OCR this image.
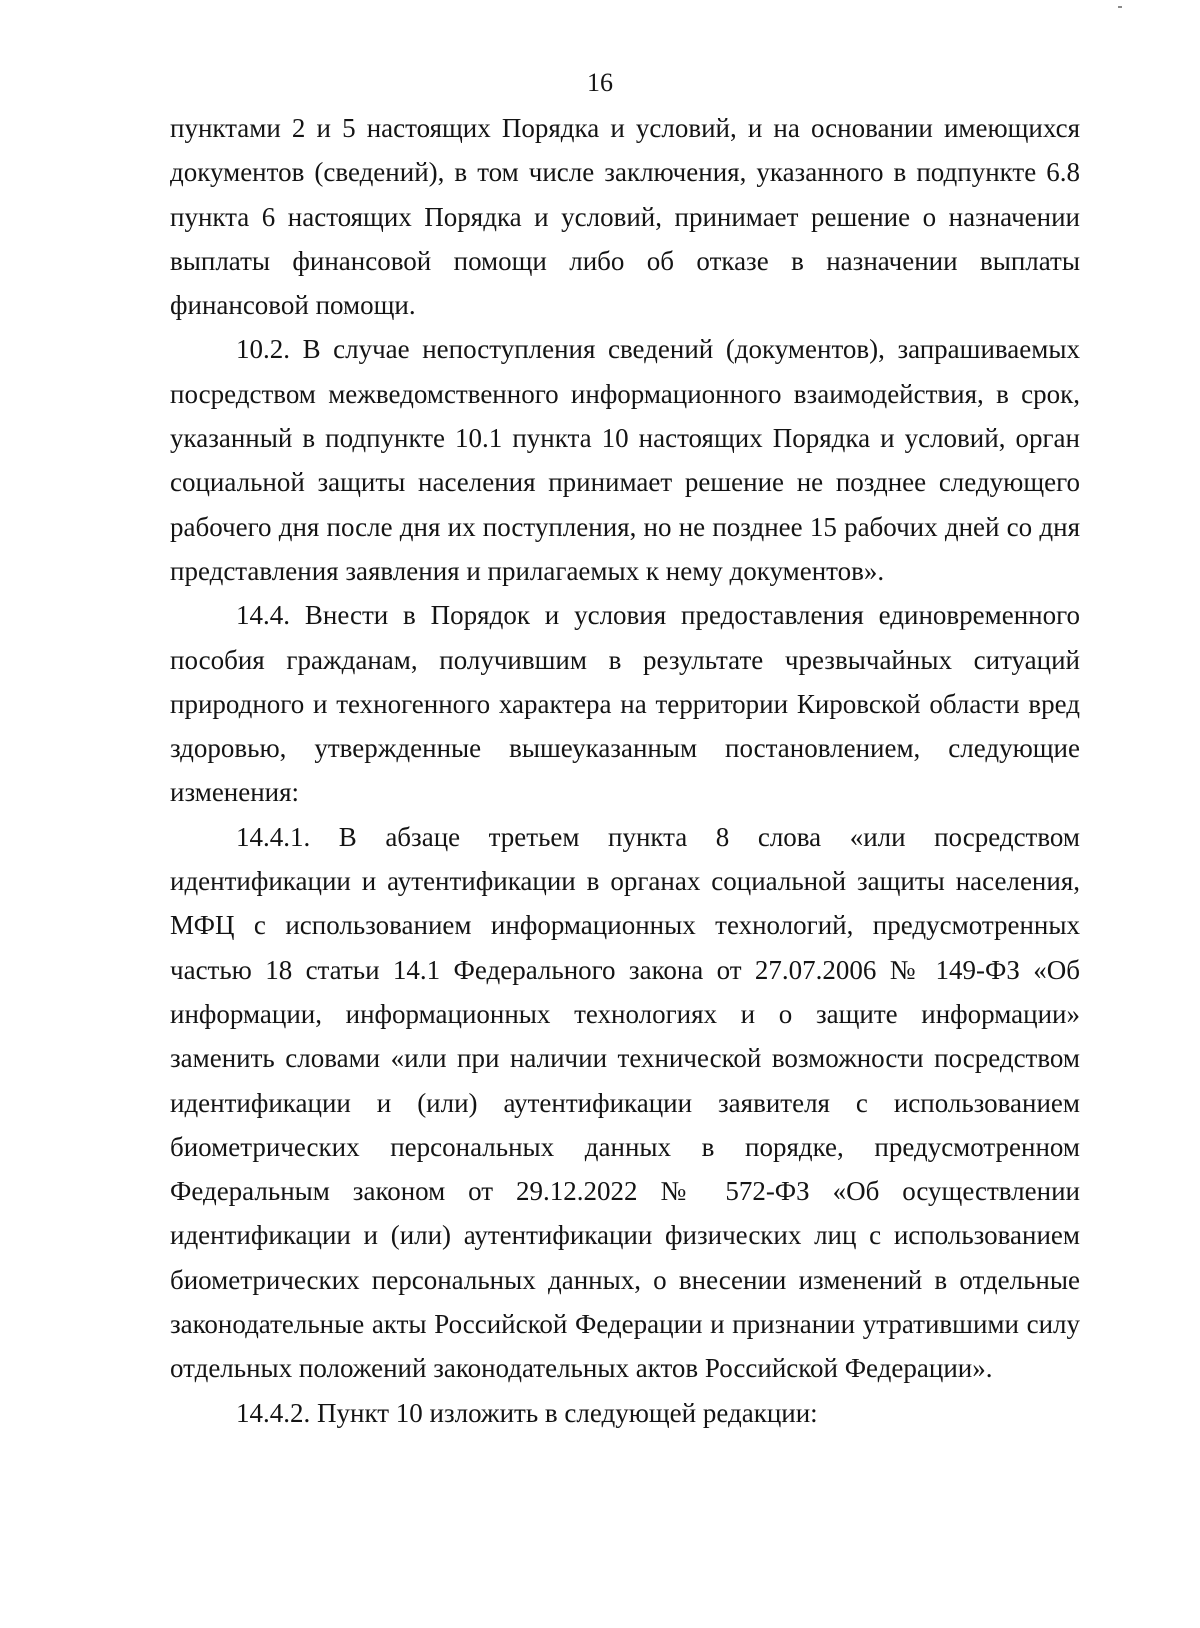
16

пунктами 2 и 5 настоящих Порядка и условий, и на основании имеющихся документов (сведений), в том числе заключения, указанного в подпункте 6.8 пункта 6 настоящих Порядка и условий, принимает решение о назначении выплаты финансовой помощи либо об отказе в назначении выплаты финансовой помощи.

10.2. В случае непоступления сведений (документов), запрашиваемых посредством межведомственного информационного взаимодействия, в срок, указанный в подпункте 10.1 пункта 10 настоящих Порядка и условий, орган социальной защиты населения принимает решение не позднее следующего рабочего дня после дня их поступления, но не позднее 15 рабочих дней со дня представления заявления и прилагаемых к нему документов».

14.4. Внести в Порядок и условия предоставления единовременного пособия гражданам, получившим в результате чрезвычайных ситуаций природного и техногенного характера на территории Кировской области вред здоровью, утвержденные вышеуказанным постановлением, следующие изменения:

14.4.1. В абзаце третьем пункта 8 слова «или посредством идентификации и аутентификации в органах социальной защиты населения, МФЦ с использованием информационных технологий, предусмотренных частью 18 статьи 14.1 Федерального закона от 27.07.2006 № 149-ФЗ «Об информации, информационных технологиях и о защите информации» заменить словами «или при наличии технической возможности посредством идентификации и (или) аутентификации заявителя с использованием биометрических персональных данных в порядке, предусмотренном Федеральным законом от 29.12.2022 № 572-ФЗ «Об осуществлении идентификации и (или) аутентификации физических лиц с использованием биометрических персональных данных, о внесении изменений в отдельные законодательные акты Российской Федерации и признании утратившими силу отдельных положений законодательных актов Российской Федерации».

14.4.2. Пункт 10 изложить в следующей редакции:
